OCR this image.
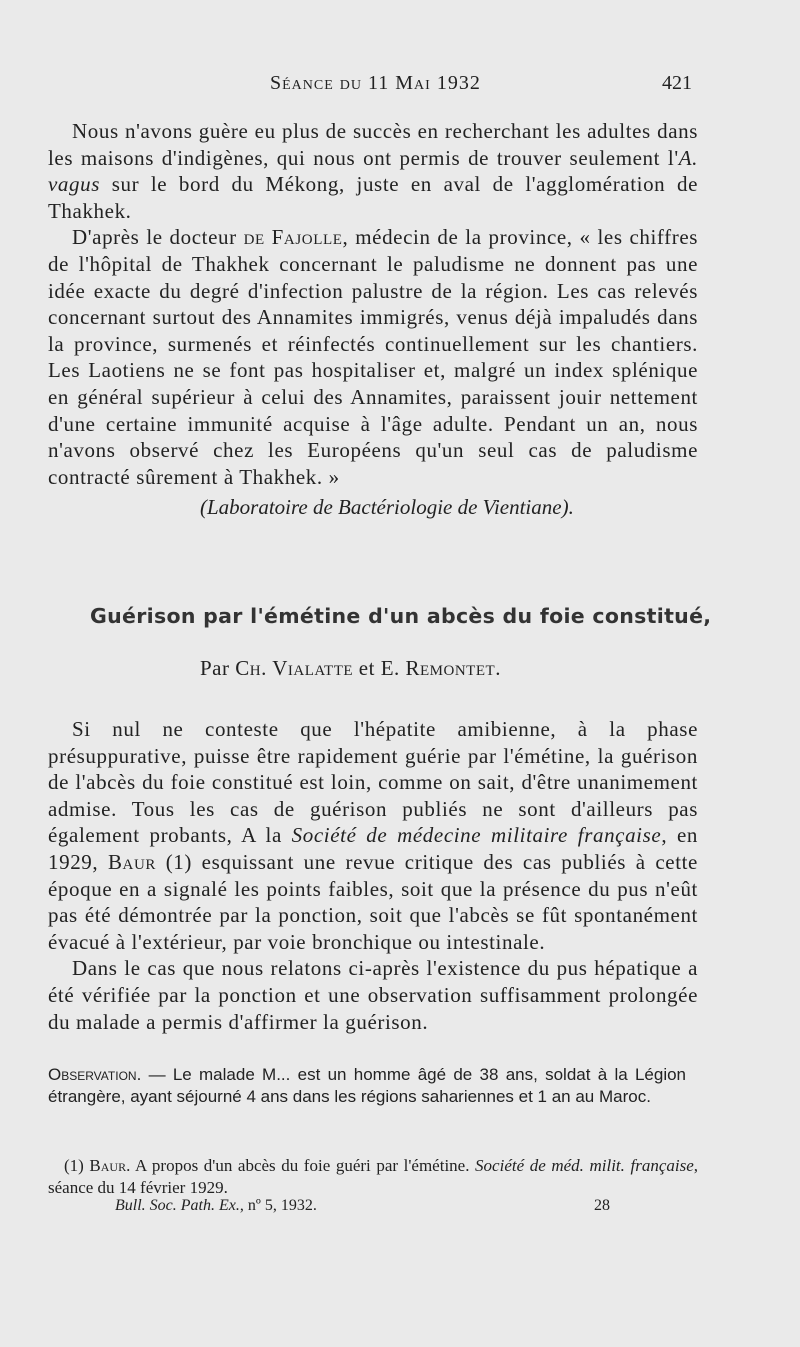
Séance du 11 Mai 1932	421

Nous n'avons guère eu plus de succès en recherchant les adultes dans les maisons d'indigènes, qui nous ont permis de trouver seulement l'A. vagus sur le bord du Mékong, juste en aval de l'agglomération de Thakhek.

D'après le docteur de Fajolle, médecin de la province, « les chiffres de l'hôpital de Thakhek concernant le paludisme ne donnent pas une idée exacte du degré d'infection palustre de la région. Les cas relevés concernant surtout des Annamites immigrés, venus déjà impaludés dans la province, surmenés et réinfectés continuellement sur les chantiers. Les Laotiens ne se font pas hospitaliser et, malgré un index splénique en général supérieur à celui des Annamites, paraissent jouir nettement d'une certaine immunité acquise à l'âge adulte. Pendant un an, nous n'avons observé chez les Européens qu'un seul cas de paludisme contracté sûrement à Thakhek. »

(Laboratoire de Bactériologie de Vientiane).
Guérison par l'émétine d'un abcès du foie constitué,
Par Ch. Vialatte et E. Remontet.

Si nul ne conteste que l'hépatite amibienne, à la phase présuppurative, puisse être rapidement guérie par l'émétine, la guérison de l'abcès du foie constitué est loin, comme on sait, d'être unanimement admise. Tous les cas de guérison publiés ne sont d'ailleurs pas également probants, A la Société de médecine militaire française, en 1929, Baur (1) esquissant une revue critique des cas publiés à cette époque en a signalé les points faibles, soit que la présence du pus n'eût pas été démontrée par la ponction, soit que l'abcès se fût spontanément évacué à l'extérieur, par voie bronchique ou intestinale.

Dans le cas que nous relatons ci-après l'existence du pus hépatique a été vérifiée par la ponction et une observation suffisamment prolongée du malade a permis d'affirmer la guérison.

Observation. — Le malade M... est un homme âgé de 38 ans, soldat à la Légion étrangère, ayant séjourné 4 ans dans les régions sahariennes et 1 an au Maroc.

(1) Baur. A propos d'un abcès du foie guéri par l'émétine. Société de méd. milit. française, séance du 14 février 1929.

Bull. Soc. Path. Ex., nº 5, 1932.	28
